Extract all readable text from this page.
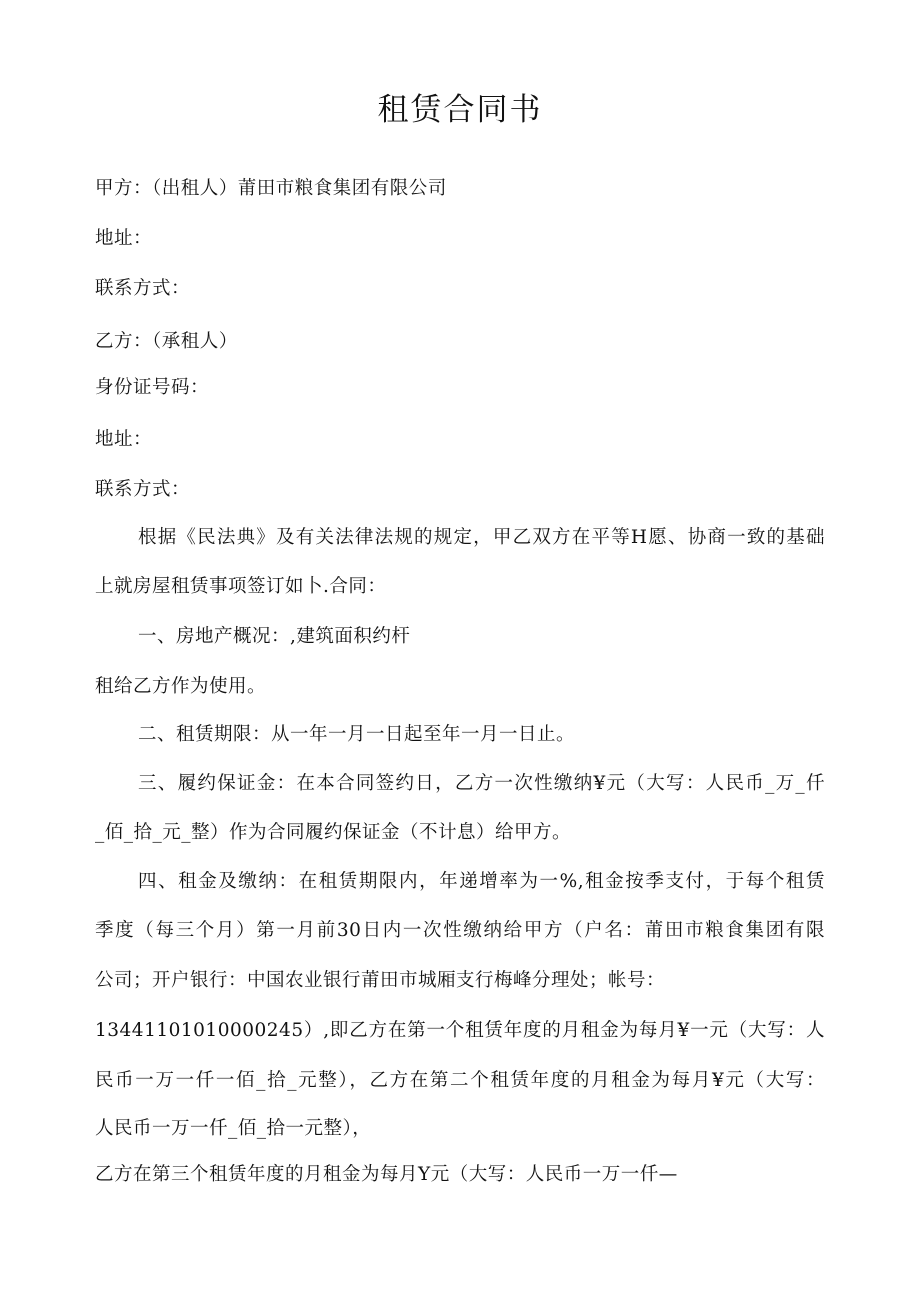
租赁合同书
甲方：（出租人）莆田市粮食集团有限公司
地址：
联系方式：
乙方：（承租人）
身份证号码：
地址：
联系方式：
根据《民法典》及有关法律法规的规定，甲乙双方在平等H愿、协商一致的基础
上就房屋租赁事项签订如卜.合同：
一、房地产概况：,建筑面积约杆
租给乙方作为使用。
二、租赁期限：从一年一月一日起至年一月一日止。
三、履约保证金：在本合同签约日，乙方一次性缴纳¥元（大写：人民币_万_仟
_佰_拾_元_整）作为合同履约保证金（不计息）给甲方。
四、租金及缴纳：在租赁期限内，年递增率为一%,租金按季支付，于每个租赁
季度（每三个月）第一月前30日内一次性缴纳给甲方（户名：莆田市粮食集团有限
公司；开户银行：中国农业银行莆田市城厢支行梅峰分理处；帐号：
13441101010000245）,即乙方在第一个租赁年度的月租金为每月¥一元（大写：人
民币一万一仟一佰_拾_元整），乙方在第二个租赁年度的月租金为每月¥元（大写：
人民币一万一仟_佰_拾一元整），
乙方在第三个租赁年度的月租金为每月Y元（大写：人民币一万一仟—
